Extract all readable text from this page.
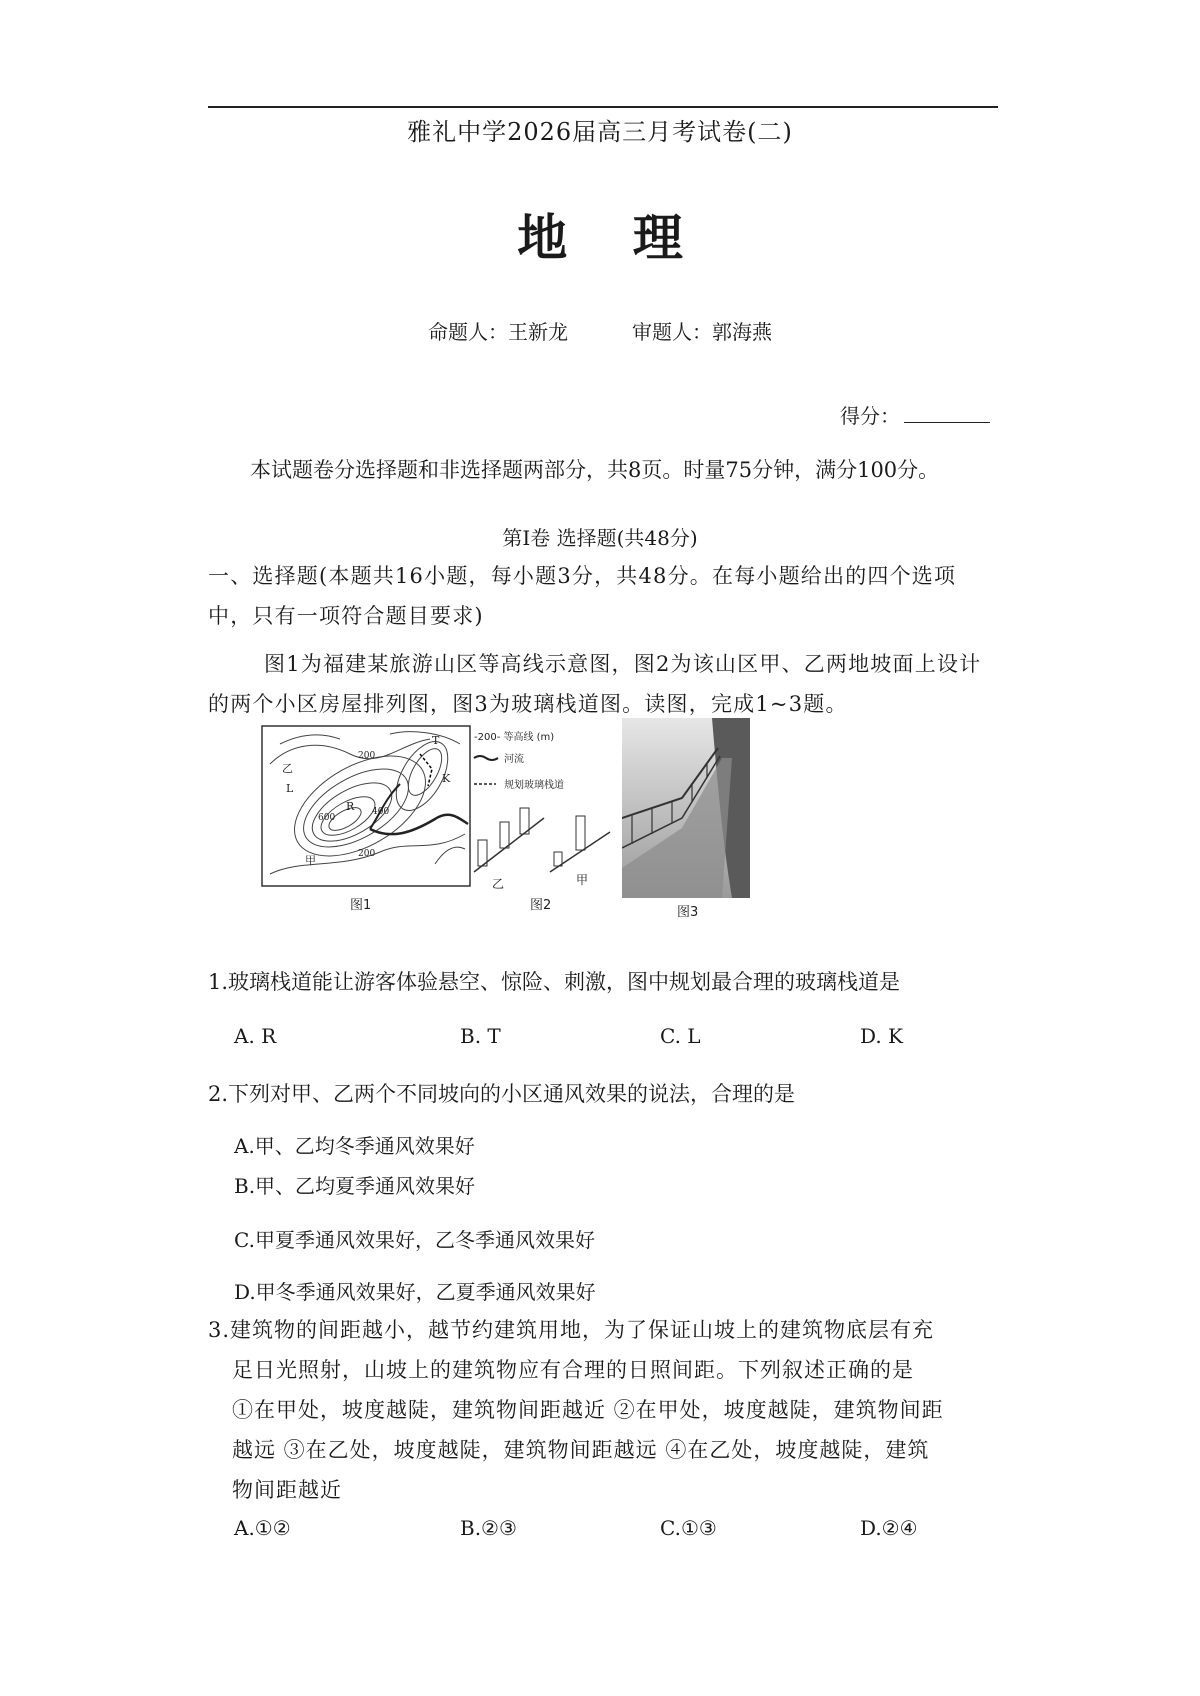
雅礼中学2026届高三月考试卷(二)
地 理
命题人：王新龙	审题人：郭海燕
得分：
本试题卷分选择题和非选择题两部分，共8页。时量75分钟，满分100分。
第Ⅰ卷 选择题(共48分)
一、选择题(本题共16小题，每小题3分，共48分。在每小题给出的四个选项
中，只有一项符合题目要求)
图1为福建某旅游山区等高线示意图，图2为该山区甲、乙两地坡面上设计
的两个小区房屋排列图，图3为玻璃栈道图。读图，完成1~3题。
200
400
600
200
T
K
L
R
甲
乙
-200- 等高线 (m)
河流
规划玻璃栈道
图1
乙	甲
图2	图3
1.玻璃栈道能让游客体验悬空、惊险、刺激，图中规划最合理的玻璃栈道是
A. R	B. T	C. L	D. K
2.下列对甲、乙两个不同坡向的小区通风效果的说法，合理的是
A.甲、乙均冬季通风效果好
B.甲、乙均夏季通风效果好
C.甲夏季通风效果好，乙冬季通风效果好
D.甲冬季通风效果好，乙夏季通风效果好
3.建筑物的间距越小，越节约建筑用地，为了保证山坡上的建筑物底层有充
足日光照射，山坡上的建筑物应有合理的日照间距。下列叙述正确的是
①在甲处，坡度越陡，建筑物间距越近 ②在甲处，坡度越陡，建筑物间距
越远 ③在乙处，坡度越陡，建筑物间距越远 ④在乙处，坡度越陡，建筑
物间距越近
A.①②	B.②③	C.①③	D.②④
